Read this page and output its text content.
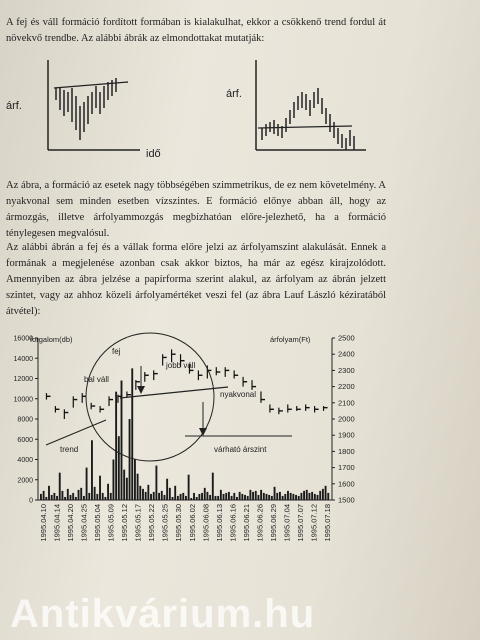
A fej és váll formáció fordított formában is kialakulhat, ekkor a csökkenő trend fordul át növekvő trendbe. Az alábbi ábrák az elmondottakat mutatják:
árf.
idő
árf.
Az ábra, a formáció az esetek nagy többségében szimmetrikus, de ez nem követelmény. A nyakvonal sem minden esetben vízszintes. E formáció előnye abban áll, hogy az ármozgás, illetve árfolyammozgás megbízhatóan előre-jelezhető, ha a formáció ténylegesen megvalósul.
Az alábbi ábrán a fej és a vállak forma előre jelzi az árfolyamszint alakulását. Ennek a formának a megjelenése azonban csak akkor biztos, ha már az egész kirajzolódott. Amennyiben az ábra jelzése a papírforma szerint alakul, az árfolyam az ábrán jelzett szintet, vagy az ahhoz közeli árfolyamértéket veszi fel (az ábra Lauf László kéziratából átvétel):
16000
14000
12000
10000
8000
6000
4000
2000
0
2500
2400
2300
2200
2100
2000
1900
1800
1700
1600
1500
fej
bal váll
jobb váll
nyakvonal
trend	várható árszint
forgalom(db)	árfolyam(Ft)
1995.04.10 1995.04.14 1995.04.20 1995.04.25 1995.05.04 1995.05.09 1995.05.12 1995.05.17 1995.05.22 1995.05.25 1995.05.30 1995.06.02 1995.06.08 1995.06.13 1995.06.16 1995.06.21 1995.06.26 1995.06.29 1995.07.04 1995.07.07 1995.07.12 1995.07.18
Antikvárium.hu
